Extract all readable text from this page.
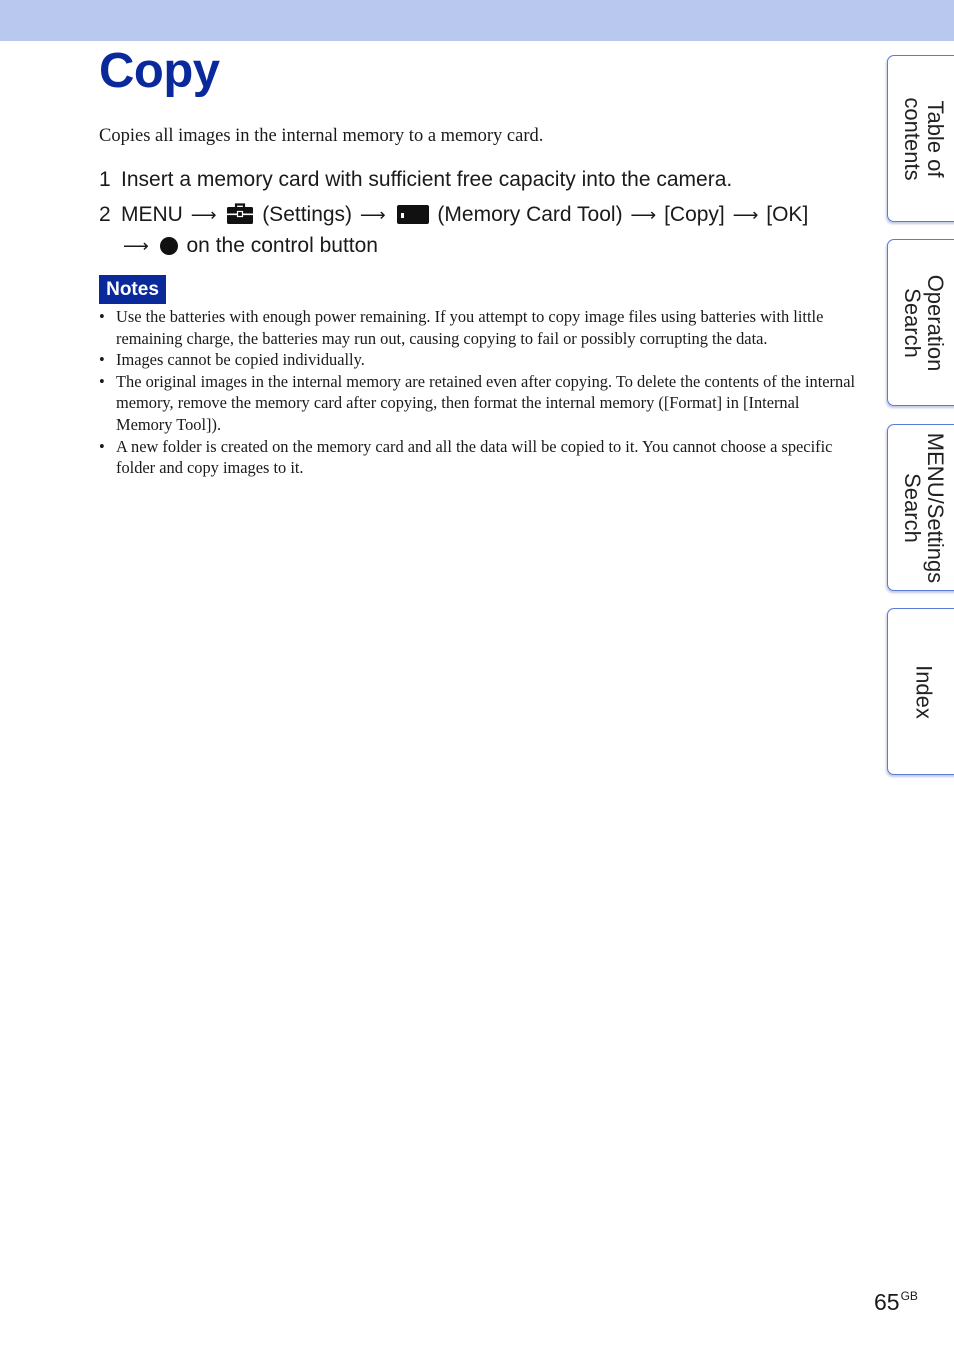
Copy
Copies all images in the internal memory to a memory card.
1 Insert a memory card with sufficient free capacity into the camera.
2 MENU ⟶ (Settings) ⟶ (Memory Card Tool) ⟶ [Copy] ⟶ [OK]
⟶ on the control button
Notes
• Use the batteries with enough power remaining. If you attempt to copy image files using batteries with little remaining charge, the batteries may run out, causing copying to fail or possibly corrupting the data.
• Images cannot be copied individually.
• The original images in the internal memory are retained even after copying. To delete the contents of the internal memory, remove the memory card after copying, then format the internal memory ([Format] in [Internal Memory Tool]).
• A new folder is created on the memory card and all the data will be copied to it. You cannot choose a specific folder and copy images to it.
Table of
contents
Operation
Search
MENU/Settings
Search
Index
$65^{GB}$
